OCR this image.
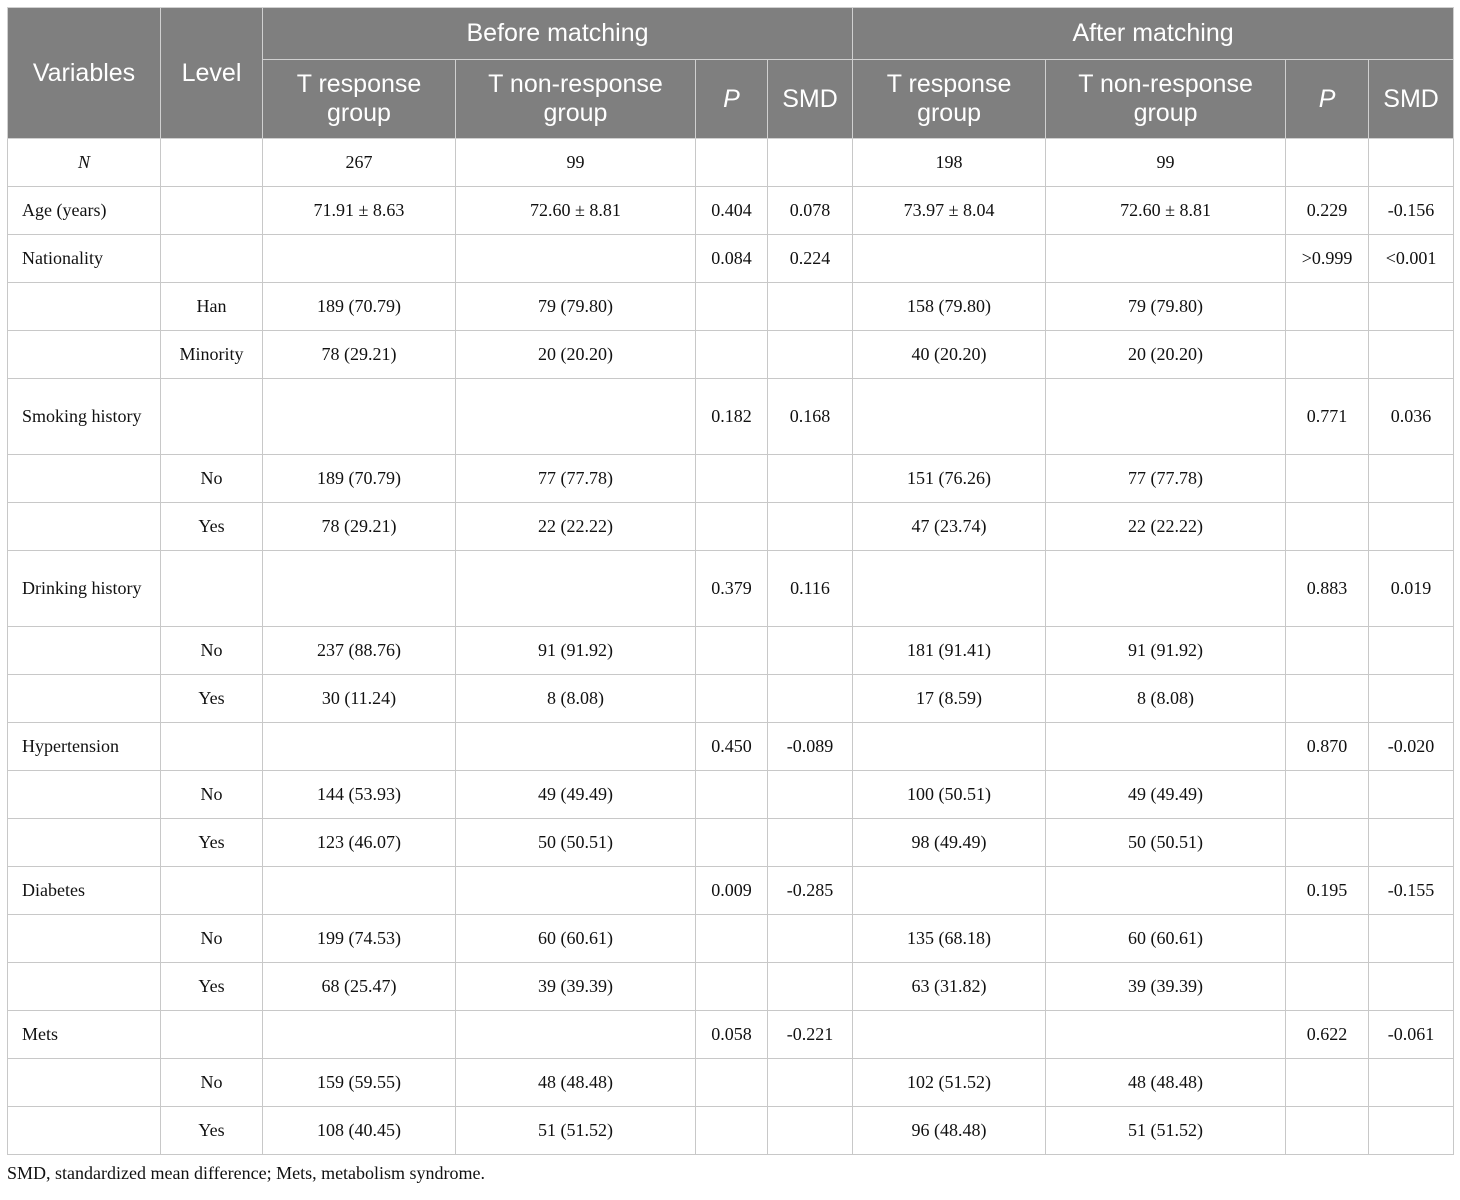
Variables	Level	Before matching				After matching			
		T response group	T non-response group	P	SMD	T response group	T non-response group	P	SMD
N		267	99			198	99		
Age (years)		71.91 ± 8.63	72.60 ± 8.81	0.404	0.078	73.97 ± 8.04	72.60 ± 8.81	0.229	-0.156
Nationality				0.084	0.224			>0.999	<0.001
	Han	189 (70.79)	79 (79.80)			158 (79.80)	79 (79.80)		
	Minority	78 (29.21)	20 (20.20)			40 (20.20)	20 (20.20)		
Smoking history				0.182	0.168			0.771	0.036
	No	189 (70.79)	77 (77.78)			151 (76.26)	77 (77.78)		
	Yes	78 (29.21)	22 (22.22)			47 (23.74)	22 (22.22)		
Drinking history				0.379	0.116			0.883	0.019
	No	237 (88.76)	91 (91.92)			181 (91.41)	91 (91.92)		
	Yes	30 (11.24)	8 (8.08)			17 (8.59)	8 (8.08)		
Hypertension				0.450	-0.089			0.870	-0.020
	No	144 (53.93)	49 (49.49)			100 (50.51)	49 (49.49)		
	Yes	123 (46.07)	50 (50.51)			98 (49.49)	50 (50.51)		
Diabetes				0.009	-0.285			0.195	-0.155
	No	199 (74.53)	60 (60.61)			135 (68.18)	60 (60.61)		
	Yes	68 (25.47)	39 (39.39)			63 (31.82)	39 (39.39)		
Mets				0.058	-0.221			0.622	-0.061
	No	159 (59.55)	48 (48.48)			102 (51.52)	48 (48.48)		
	Yes	108 (40.45)	51 (51.52)			96 (48.48)	51 (51.52)		
SMD, standardized mean difference; Mets, metabolism syndrome.
